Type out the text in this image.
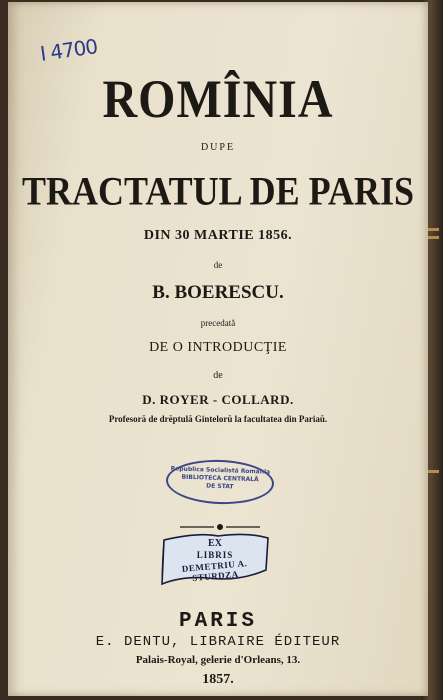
I 4700
ROMÎNIA
DUPE
TRACTATUL DE PARIS
DIN 30 MARTIE 1856.
de
B. BOERESCU.
precedată
DE O INTRODUCŢIE
de
D. ROYER - COLLARD.
Profesoră de drĕptulă Gintelorŭ la facultatea din Pariaŭ.
Republica Socialistă România
BIBLIOTECA CENTRALĂ
DE STAT
EX
LIBRIS
DEMETRIU A. STURDZA
PARIS
E. DENTU, LIBRAIRE ÉDITEUR
Palais-Royal, gelerie d'Orleans, 13.
1857.
